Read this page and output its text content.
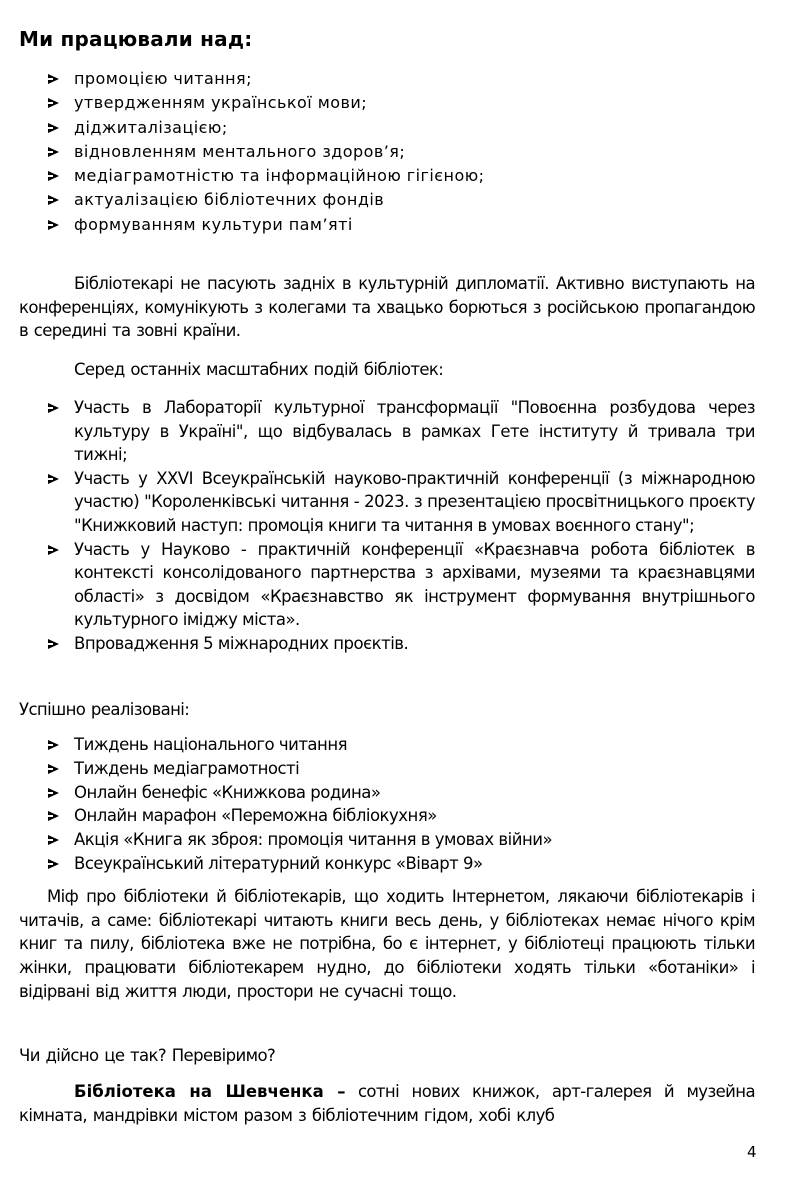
Ми працювали над:
промоцією читання;
утвердженням української мови;
діджиталізацією;
відновленням ментального здоров’я;
медіаграмотністю та інформаційною гігієною;
актуалізацією бібліотечних фондів
формуванням культури пам’яті

Бібліотекарі не пасують задніх в культурній дипломатії. Активно виступають на конференціях, комунікують з колегами та хвацько борються з російською пропагандою в середині та зовні країни.

Серед останніх масштабних подій бібліотек:

Участь в Лабораторії культурної трансформації "Повоєнна розбудова через культуру в Україні", що відбувалась в рамках Гете інституту й тривала три тижні;
Участь у XXVI Всеукраїнській науково-практичній конференції (з міжнародною участю) "Короленківські читання - 2023. з презентацією просвітницького проєкту "Книжковий наступ: промоція книги та читання в умовах воєнного стану";
Участь у Науково - практичній конференції «Краєзнавча робота бібліотек в контексті консолідованого партнерства з архівами, музеями та краєзнавцями області» з досвідом «Краєзнавство як інструмент формування внутрішнього культурного іміджу міста».
Впровадження 5 міжнародних проєктів.

Успішно реалізовані:

Тиждень національного читання
Тиждень медіаграмотності
Онлайн бенефіс «Книжкова родина»
Онлайн марафон «Переможна бібліокухня»
Акція «Книга як зброя: промоція читання в умовах війни»
Всеукраїнський літературний конкурс «Віварт 9»

Міф про бібліотеки й бібліотекарів, що ходить Інтернетом, лякаючи бібліотекарів і читачів, а саме: бібліотекарі читають книги весь день, у бібліотеках немає нічого крім книг та пилу, бібліотека вже не потрібна, бо є інтернет, у бібліотеці працюють тільки жінки, працювати бібліотекарем нудно, до бібліотеки ходять тільки «ботаніки» і відірвані від життя люди, простори не сучасні тощо.

Чи дійсно це так? Перевіримо?

Бібліотека на Шевченка – сотні нових книжок, арт-галерея й музейна кімната, мандрівки містом разом з бібліотечним гідом, хобі клуб

4
